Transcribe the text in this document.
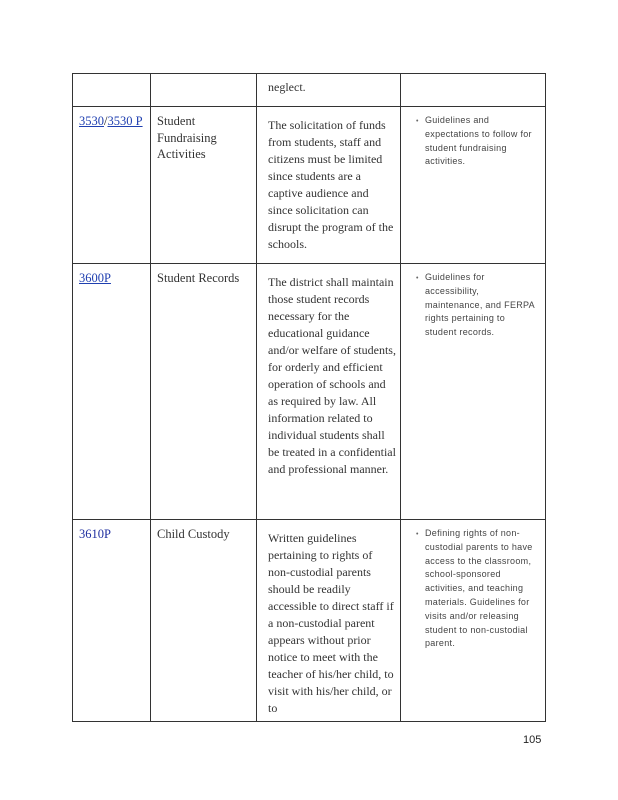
		neglect.	

3530/3530 P	Student Fundraising Activities	The solicitation of funds from students, staff and citizens must be limited since students are a captive audience and since solicitation can disrupt the program of the schools.	• Guidelines and expectations to follow for student fundraising activities.

3600P	Student Records	The district shall maintain those student records necessary for the educational guidance and/or welfare of students, for orderly and efficient operation of schools and as required by law. All information related to individual students shall be treated in a confidential and professional manner.	• Guidelines for accessibility, maintenance, and FERPA rights pertaining to student records.

3610P	Child Custody	Written guidelines pertaining to rights of non-custodial parents should be readily accessible to direct staff if a non-custodial parent appears without prior notice to meet with the teacher of his/her child, to visit with his/her child, or to	• Defining rights of non-custodial parents to have access to the classroom, school-sponsored activities, and teaching materials. Guidelines for visits and/or releasing student to non-custodial parent.
105
